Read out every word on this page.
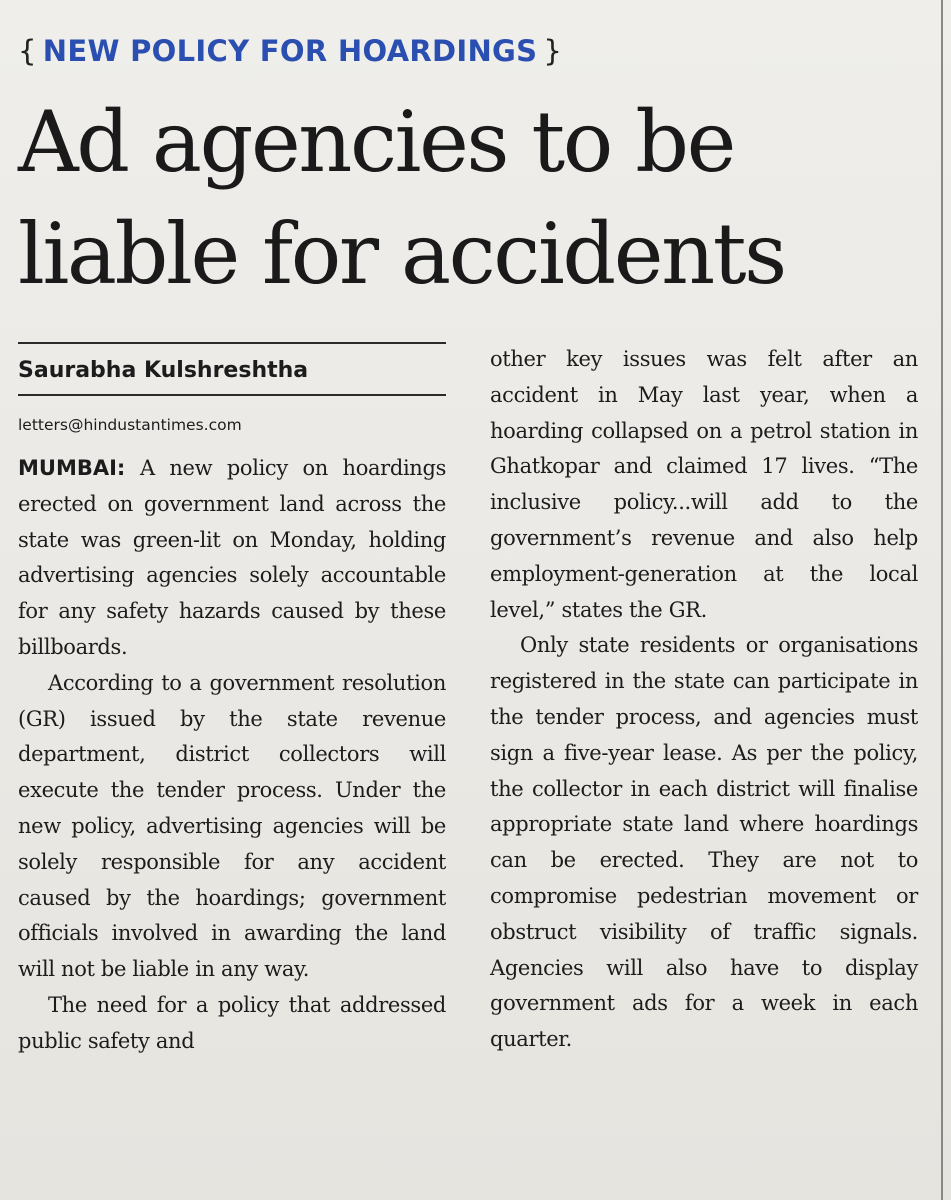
{ NEW POLICY FOR HOARDINGS }
Ad agencies to be
liable for accidents
Saurabha Kulshreshtha
letters@hindustantimes.com

MUMBAI: A new policy on hoardings erected on government land across the state was green-lit on Monday, holding advertising agencies solely accountable for any safety hazards caused by these billboards.

According to a government resolution (GR) issued by the state revenue department, district collectors will execute the tender process. Under the new policy, advertising agencies will be solely responsible for any accident caused by the hoardings; government officials involved in awarding the land will not be liable in any way.

The need for a policy that addressed public safety and

other key issues was felt after an accident in May last year, when a hoarding collapsed on a petrol station in Ghatkopar and claimed 17 lives. “The inclusive policy...will add to the government’s revenue and also help employment-generation at the local level,” states the GR.

Only state residents or organisations registered in the state can participate in the tender process, and agencies must sign a five-year lease. As per the policy, the collector in each district will finalise appropriate state land where hoardings can be erected. They are not to compromise pedestrian movement or obstruct visibility of traffic signals. Agencies will also have to display government ads for a week in each quarter.
